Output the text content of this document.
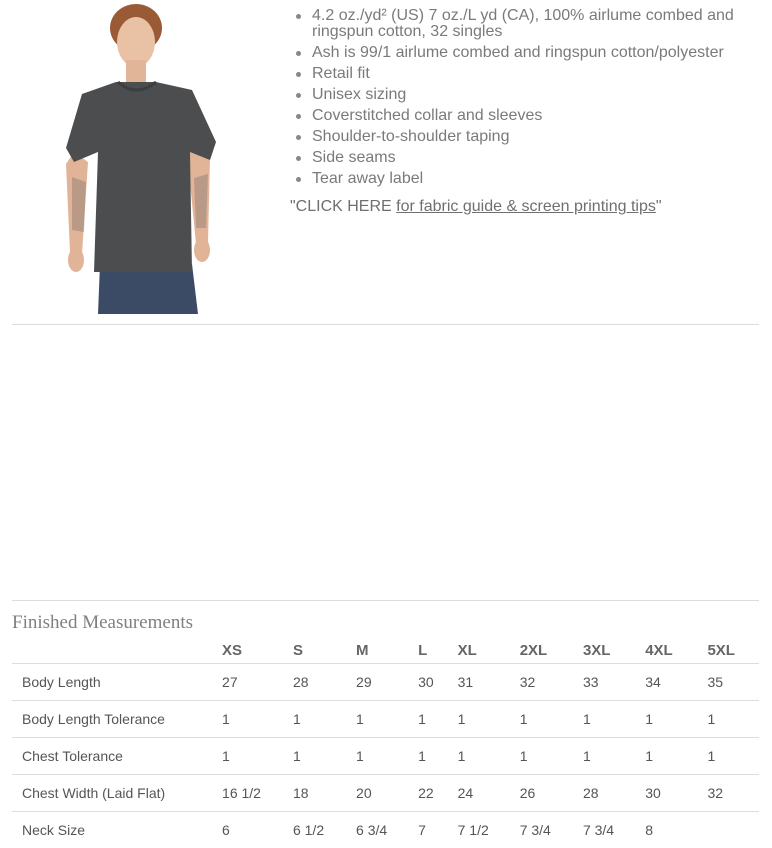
4.2 oz./yd² (US) 7 oz./L yd (CA), 100% airlume combed and ringspun cotton, 32 singles
Ash is 99/1 airlume combed and ringspun cotton/polyester
Retail fit
Unisex sizing
Coverstitched collar and sleeves
Shoulder-to-shoulder taping
Side seams
Tear away label
"CLICK HERE for fabric guide & screen printing tips"
Finished Measurements
	XS	S	M	L	XL	2XL	3XL	4XL	5XL
Body Length	27	28	29	30	31	32	33	34	35
Body Length Tolerance	1	1	1	1	1	1	1	1	1
Chest Tolerance	1	1	1	1	1	1	1	1	1
Chest Width (Laid Flat)	16 1/2	18	20	22	24	26	28	30	32
Neck Size	6	6 1/2	6 3/4	7	7 1/2	7 3/4	7 3/4	8	
